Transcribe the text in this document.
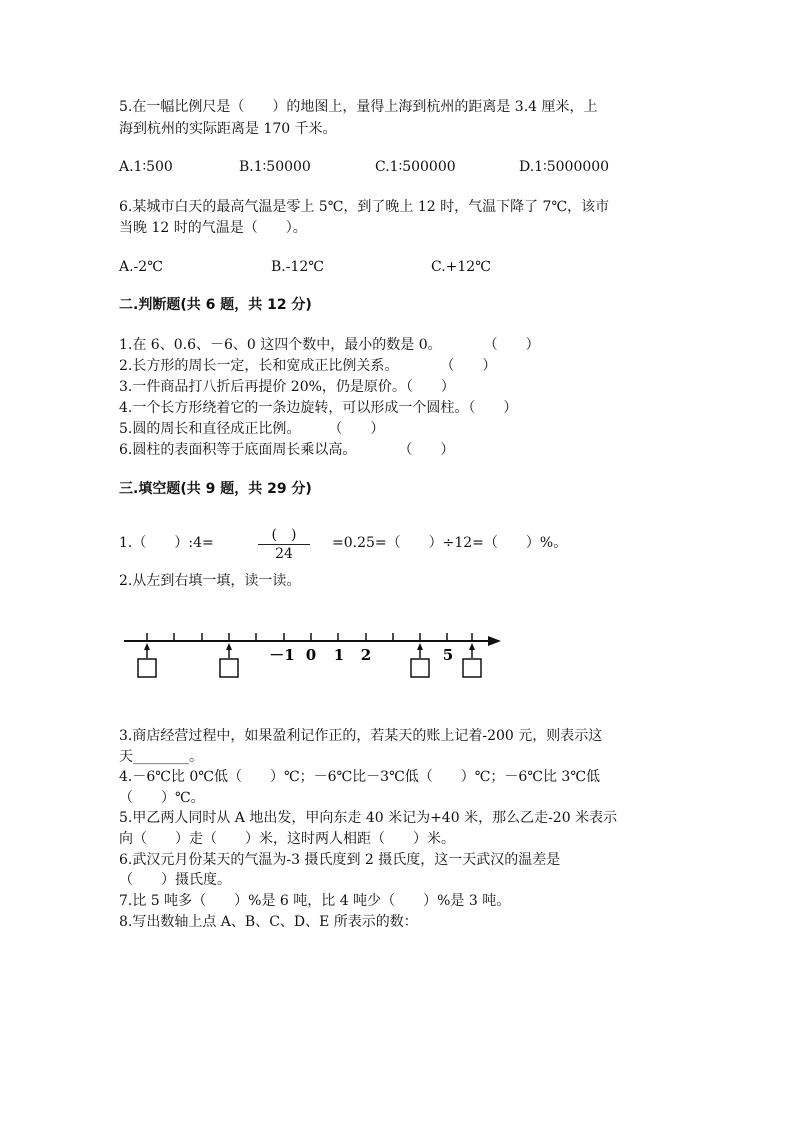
5.在一幅比例尺是（　　）的地图上，量得上海到杭州的距离是 3.4 厘米，上
海到杭州的实际距离是 170 千米。
A.1∶500	B.1∶50000	C.1∶500000	D.1∶5000000
6.某城市白天的最高气温是零上 5℃，到了晚上 12 时，气温下降了 7℃，该市
当晚 12 时的气温是（　　）。
A.-2℃	B.-12℃	C.+12℃
二.判断题(共 6 题，共 12 分)
1.在 6、0.6、－6、0 这四个数中，最小的数是 0。　　　　（　　）
2.长方形的周长一定，长和宽成正比例关系。　　　　（　　）
3.一件商品打八折后再提价 20%，仍是原价。（　　）
4.一个长方形绕着它的一条边旋转，可以形成一个圆柱。（　　）
5.圆的周长和直径成正比例。　　　（　　）
6.圆柱的表面积等于底面周长乘以高。　　　　（　　）
三.填空题(共 9 题，共 29 分)
1.（　　）:4=	(　)
24
=0.25=（　　）÷12=（　　）%。
2.从左到右填一填，读一读。
－1 0 1 2	5
3.商店经营过程中，如果盈利记作正的，若某天的账上记着-200 元，则表示这
天________。
4.－6℃比 0℃低（　　）℃；－6℃比－3℃低（　　）℃；－6℃比 3℃低
（　　）℃。
5.甲乙两人同时从 A 地出发，甲向东走 40 米记为+40 米，那么乙走-20 米表示
向（　　）走（　　）米，这时两人相距（　　）米。
6.武汉元月份某天的气温为-3 摄氏度到 2 摄氏度，这一天武汉的温差是
（　　）摄氏度。
7.比 5 吨多（　　）%是 6 吨，比 4 吨少（　　）%是 3 吨。
8.写出数轴上点 A、B、C、D、E 所表示的数：
